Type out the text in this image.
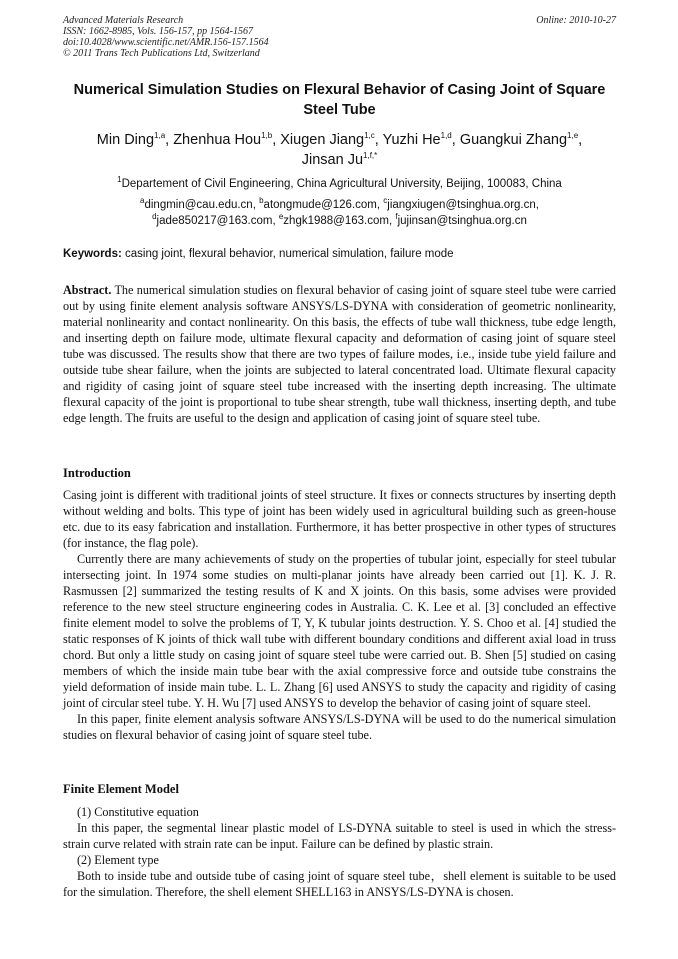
Advanced Materials Research
ISSN: 1662-8985, Vols. 156-157, pp 1564-1567
doi:10.4028/www.scientific.net/AMR.156-157.1564
© 2011 Trans Tech Publications Ltd, Switzerland
Online: 2010-10-27
Numerical Simulation Studies on Flexural Behavior of Casing Joint of Square Steel Tube
Min Ding$^{1,a}$, Zhenhua Hou$^{1,b}$, Xiugen Jiang$^{1,c}$, Yuzhi He$^{1,d}$, Guangkui Zhang$^{1,e}$,
Jinsan $Ju^{1,f,*}$
$^1$Departement of Civil Engineering, China Agricultural University, Beijing, 100083, China
$^a$dingmin@cau.edu.cn, $^b$atongmude@126.com, $^c$jiangxiugen@tsinghua.org.cn,
$^d$jade850217@163.com, $^e$zhgk1988@163.com, $^f$jujinsan@tsinghua.org.cn
Keywords: casing joint, flexural behavior, numerical simulation, failure mode

Abstract. The numerical simulation studies on flexural behavior of casing joint of square steel tube were carried out by using finite element analysis software ANSYS/LS-DYNA with consideration of geometric nonlinearity, material nonlinearity and contact nonlinearity. On this basis, the effects of tube wall thickness, tube edge length, and inserting depth on failure mode, ultimate flexural capacity and deformation of casing joint of square steel tube was discussed. The results show that there are two types of failure modes, i.e., inside tube yield failure and outside tube shear failure, when the joints are subjected to lateral concentrated load. Ultimate flexural capacity and rigidity of casing joint of square steel tube increased with the inserting depth increasing. The ultimate flexural capacity of the joint is proportional to tube shear strength, tube wall thickness, inserting depth, and tube edge length. The fruits are useful to the design and application of casing joint of square steel tube.

Introduction

Casing joint is different with traditional joints of steel structure. It fixes or connects structures by inserting depth without welding and bolts. This type of joint has been widely used in agricultural building such as green-house etc. due to its easy fabrication and installation. Furthermore, it has better prospective in other types of structures (for instance, the flag pole).

Currently there are many achievements of study on the properties of tubular joint, especially for steel tubular intersecting joint. In 1974 some studies on multi-planar joints have already been carried out [1]. K. J. R. Rasmussen [2] summarized the testing results of K and X joints. On this basis, some advises were provided reference to the new steel structure engineering codes in Australia. C. K. Lee et al. [3] concluded an effective finite element model to solve the problems of T, Y, K tubular joints destruction. Y. S. Choo et al. [4] studied the static responses of K joints of thick wall tube with different boundary conditions and different axial load in truss chord. But only a little study on casing joint of square steel tube were carried out. B. Shen [5] studied on casing members of which the inside main tube bear with the axial compressive force and outside tube constrains the yield deformation of inside main tube. L. L. Zhang [6] used ANSYS to study the capacity and rigidity of casing joint of circular steel tube. Y. H. Wu [7] used ANSYS to develop the behavior of casing joint of square steel.

In this paper, finite element analysis software ANSYS/LS-DYNA will be used to do the numerical simulation studies on flexural behavior of casing joint of square steel tube.

Finite Element Model

(1) Constitutive equation

In this paper, the segmental linear plastic model of LS-DYNA suitable to steel is used in which the stress-strain curve related with strain rate can be input. Failure can be defined by plastic strain.

(2) Element type

Both to inside tube and outside tube of casing joint of square steel tube，shell element is suitable to be used for the simulation. Therefore, the shell element SHELL163 in ANSYS/LS-DYNA is chosen.
